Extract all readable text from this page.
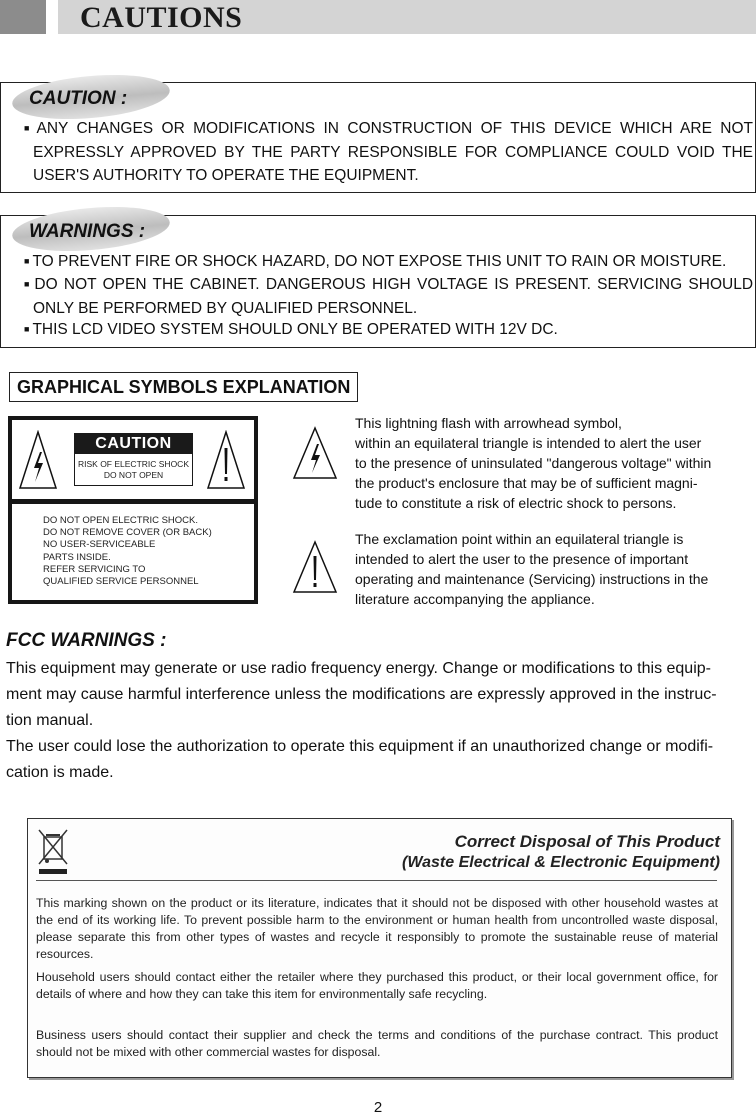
CAUTIONS
CAUTION :
■ ANY CHANGES OR MODIFICATIONS IN CONSTRUCTION OF THIS DEVICE WHICH ARE NOT EXPRESSLY APPROVED BY THE PARTY RESPONSIBLE FOR COMPLIANCE COULD VOID THE USER'S AUTHORITY TO OPERATE THE EQUIPMENT.
WARNINGS :
■ TO PREVENT FIRE OR SHOCK HAZARD, DO NOT EXPOSE THIS UNIT TO RAIN OR MOISTURE.
■ DO NOT OPEN THE CABINET. DANGEROUS HIGH VOLTAGE IS PRESENT. SERVICING SHOULD ONLY BE PERFORMED BY QUALIFIED PERSONNEL.
■ THIS LCD VIDEO SYSTEM SHOULD ONLY BE OPERATED WITH 12V DC.
GRAPHICAL SYMBOLS EXPLANATION
CAUTION
RISK OF ELECTRIC SHOCK
DO NOT OPEN
DO NOT OPEN ELECTRIC SHOCK.
DO NOT REMOVE COVER (OR BACK)
NO USER-SERVICEABLE
PARTS INSIDE.
REFER SERVICING TO
QUALIFIED SERVICE PERSONNEL
This lightning flash with arrowhead symbol,
within an equilateral triangle is intended to alert the user
to the presence of uninsulated "dangerous voltage" within
the product's enclosure that may be of sufficient magni-
tude to constitute a risk of electric shock to persons.
The exclamation point within an equilateral triangle is
intended to alert the user to the presence of important
operating and maintenance (Servicing) instructions in the
literature accompanying the appliance.
FCC WARNINGS :
This equipment may generate or use radio frequency energy. Change or modifications to this equip-
ment may cause harmful interference unless the modifications are expressly approved in the instruc-
tion manual.
The user could lose the authorization to operate this equipment if an unauthorized change or modifi-
cation is made.
Correct Disposal of This Product
(Waste Electrical & Electronic Equipment)
This marking shown on the product or its literature, indicates that it should not be disposed with other household wastes at the end of its working life. To prevent possible harm to the environment or human health from uncontrolled waste disposal, please separate this from other types of wastes and recycle it responsibly to promote the sustainable reuse of material resources.
Household users should contact either the retailer where they purchased this product, or their local government office, for details of where and how they can take this item for environmentally safe recycling.
Business users should contact their supplier and check the terms and conditions of the purchase contract. This product should not be mixed with other commercial wastes for disposal.
2
